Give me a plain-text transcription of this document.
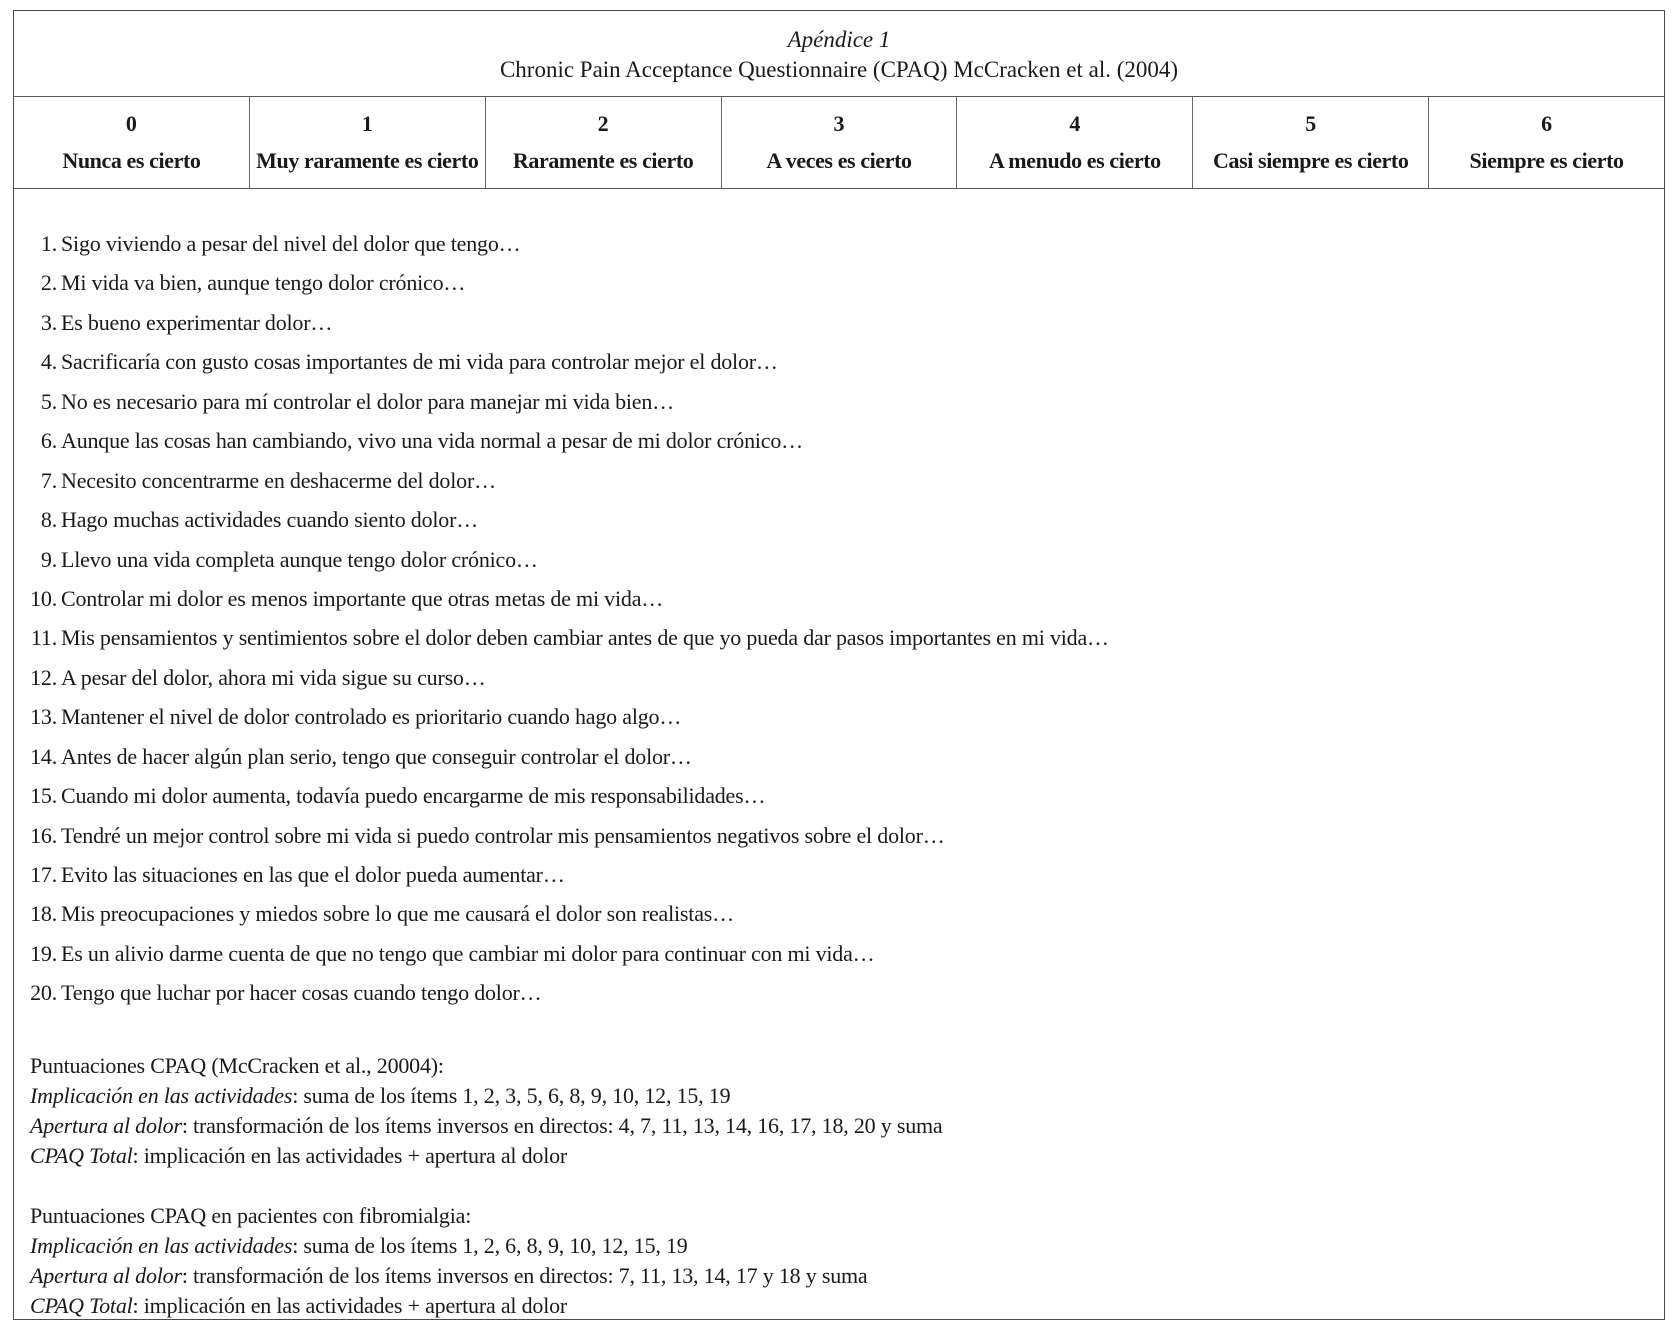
Apéndice 1
Chronic Pain Acceptance Questionnaire (CPAQ) McCracken et al. (2004)
0
Nunca es cierto
1
Muy raramente es cierto
2
Raramente es cierto
3
A veces es cierto
4
A menudo es cierto
5
Casi siempre es cierto
6
Siempre es cierto
1. Sigo viviendo a pesar del nivel del dolor que tengo…
2. Mi vida va bien, aunque tengo dolor crónico…
3. Es bueno experimentar dolor…
4. Sacrificaría con gusto cosas importantes de mi vida para controlar mejor el dolor…
5. No es necesario para mí controlar el dolor para manejar mi vida bien…
6. Aunque las cosas han cambiando, vivo una vida normal a pesar de mi dolor crónico…
7. Necesito concentrarme en deshacerme del dolor…
8. Hago muchas actividades cuando siento dolor…
9. Llevo una vida completa aunque tengo dolor crónico…
10. Controlar mi dolor es menos importante que otras metas de mi vida…
11. Mis pensamientos y sentimientos sobre el dolor deben cambiar antes de que yo pueda dar pasos importantes en mi vida…
12. A pesar del dolor, ahora mi vida sigue su curso…
13. Mantener el nivel de dolor controlado es prioritario cuando hago algo…
14. Antes de hacer algún plan serio, tengo que conseguir controlar el dolor…
15. Cuando mi dolor aumenta, todavía puedo encargarme de mis responsabilidades…
16. Tendré un mejor control sobre mi vida si puedo controlar mis pensamientos negativos sobre el dolor…
17. Evito las situaciones en las que el dolor pueda aumentar…
18. Mis preocupaciones y miedos sobre lo que me causará el dolor son realistas…
19. Es un alivio darme cuenta de que no tengo que cambiar mi dolor para continuar con mi vida…
20. Tengo que luchar por hacer cosas cuando tengo dolor…
Puntuaciones CPAQ (McCracken et al., 20004):
Implicación en las actividades: suma de los ítems 1, 2, 3, 5, 6, 8, 9, 10, 12, 15, 19
Apertura al dolor: transformación de los ítems inversos en directos: 4, 7, 11, 13, 14, 16, 17, 18, 20 y suma
CPAQ Total: implicación en las actividades + apertura al dolor
Puntuaciones CPAQ en pacientes con fibromialgia:
Implicación en las actividades: suma de los ítems 1, 2, 6, 8, 9, 10, 12, 15, 19
Apertura al dolor: transformación de los ítems inversos en directos: 7, 11, 13, 14, 17 y 18 y suma
CPAQ Total: implicación en las actividades + apertura al dolor
